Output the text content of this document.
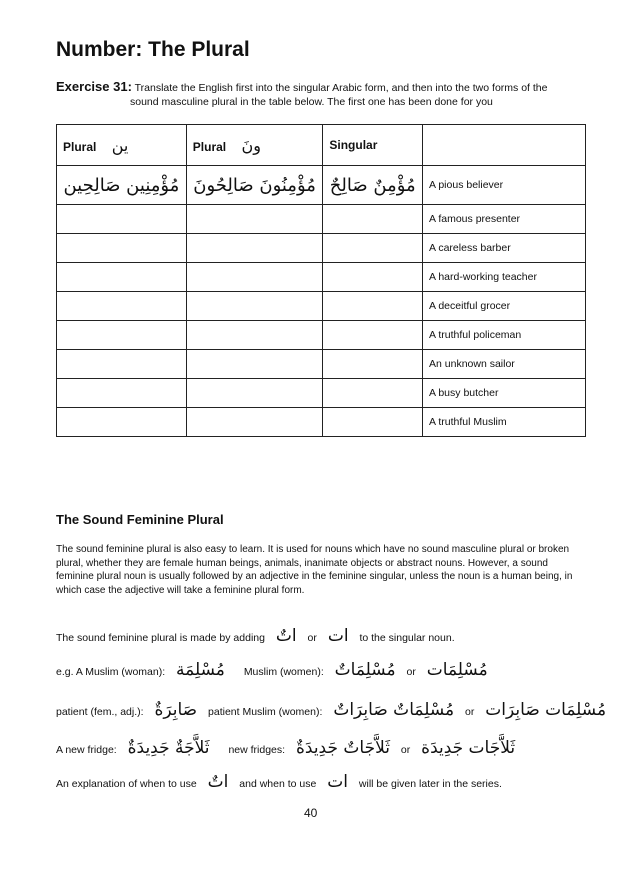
Number: The Plural
Exercise 31: Translate the English first into the singular Arabic form, and then into the two forms of the
sound masculine plural in the table below. The first one has been done for you
Plural ين	Plural ونَ	Singular	
مُؤْمِنِين صَالِحِين	مُؤْمِنُونَ صَالِحُونَ	مُؤْمِنٌ صَالِحٌ	A pious believer
			A famous presenter
			A careless barber
			A hard-working teacher
			A deceitful grocer
			A truthful policeman
			An unknown sailor
			A busy butcher
			A truthful Muslim
The Sound Feminine Plural
The sound feminine plural is also easy to learn. It is used for nouns which have no sound masculine plural or broken plural, whether they are female human beings, animals, inanimate objects or abstract nouns. However, a sound feminine plural noun is usually followed by an adjective in the feminine singular, unless the noun is a human being, in which case the adjective will take a feminine plural form.
The sound feminine plural is made by adding اتٌ or ات to the singular noun.
e.g. A Muslim (woman): مُسْلِمَة Muslim (women): مُسْلِمَاتٌ or مُسْلِمَات
patient (fem., adj.): صَابِرَةٌ patient Muslim (women): مُسْلِمَاتٌ صَابِرَاتٌ or مُسْلِمَات صَابِرَات
A new fridge: ثَلاَّجَةٌ جَدِيدَةٌ new fridges: ثَلاَّجَاتٌ جَدِيدَةٌ or ثَلاَّجَات جَدِيدَة
An explanation of when to use اتٌ and when to use ات will be given later in the series.
40
